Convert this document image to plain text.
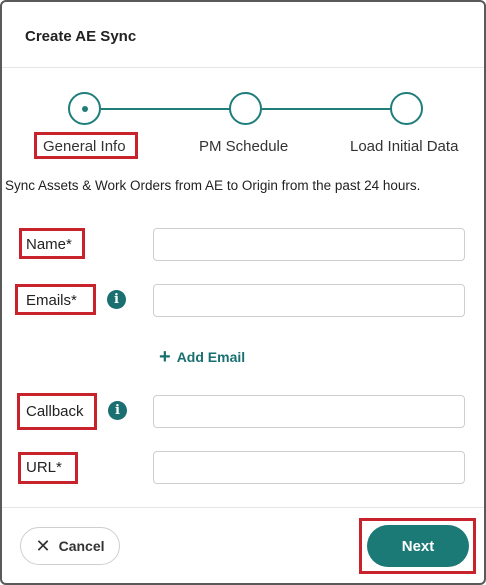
Create AE Sync
General Info	PM Schedule	Load Initial Data
Sync Assets & Work Orders from AE to Origin from the past 24 hours.
Name*
Emails*	i
+ Add Email
Callback	i
URL*
✕ Cancel	Next
